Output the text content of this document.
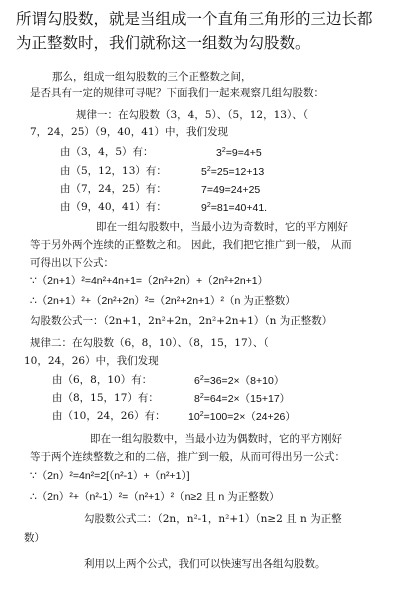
所谓勾股数，就是当组成一个直角三角形的三边长都
为正整数时，我们就称这一组数为勾股数。
那么，组成一组勾股数的三个正整数之间，
是否具有一定的规律可寻呢？下面我们一起来观察几组勾股数：
规律一：在勾股数（3，4，5）、（5，12，13）、（
7，24，25）（9，40，41）中，我们发现
由（3，4，5）有：	$3^2=9=4+5$
由（5，12，13）有：	$5^2=25=12+13$
由（7，24，25）有：	7=49=24+25
由（9，40，41）有：	$9^2=81=40+41$.
即在一组勾股数中，当最小边为奇数时，它的平方刚好
等于另外两个连续的正整数之和。 因此，我们把它推广到一般， 从而
可得出以下公式：
∵（2n+1）²=4n²+4n+1=（2n²+2n）+（2n²+2n+1）
∴（2n+1）²+（2n²+2n）²=（2n²+2n+1）²（n 为正整数）
勾股数公式一：（2n+1，2n²+2n，2n²+2n+1）（n 为正整数）
规律二：在勾股数（6，8，10）、（8，15，17）、（
10，24，26）中，我们发现
由（6，8，10）有：	$6^2=36=2\times(8+10)$
由（8，15，17）有：	$8^2=64=2\times(15+17)$
由（10，24，26）有： $10^2=100=2\times(24+26)$
即在一组勾股数中，当最小边为偶数时，它的平方刚好
等于两个连续整数之和的二倍，推广到一般，从而可得出另一公式：
∵（2n）²=4n²=2[（n²-1）+（n²+1）]
∴（2n）²+（n²-1）²=（n²+1）²（n≥2 且 n 为正整数）
勾股数公式二：（2n，n²-1，n²+1）（n≥2 且 n 为正整
数）
利用以上两个公式，我们可以快速写出各组勾股数。
